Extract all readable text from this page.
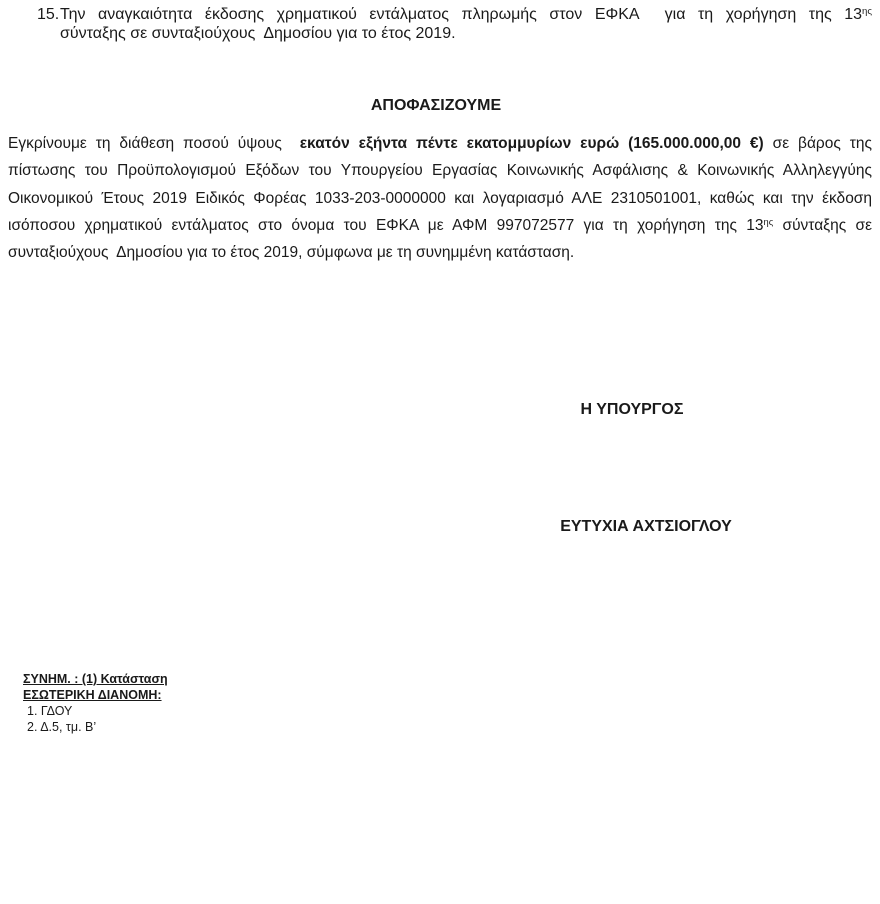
15. Την αναγκαιότητα έκδοσης χρηματικού εντάλματος πληρωμής στον ΕΦΚΑ  για τη χορήγηση της $13^{\eta\varsigma}$
σύνταξης σε συνταξιούχους  Δημοσίου για το έτος 2019.
ΑΠΟΦΑΣΙΖΟΥΜΕ
Εγκρίνουμε τη διάθεση ποσού ύψους  εκατόν εξήντα πέντε εκατομμυρίων ευρώ (165.000.000,00 €) σε βάρος της
πίστωσης του Προϋπολογισμού Εξόδων του Υπουργείου Εργασίας Κοινωνικής Ασφάλισης & Κοινωνικής Αλληλεγγύης
Οικονομικού Έτους 2019 Ειδικός Φορέας 1033-203-0000000 και λογαριασμό ΑΛΕ 2310501001, καθώς και την έκδοση
ισόποσου χρηματικού εντάλματος στο όνομα του ΕΦΚΑ με ΑΦΜ 997072577 για τη χορήγηση της $13^{\eta\varsigma}$ σύνταξης σε
συνταξιούχους  Δημοσίου για το έτος 2019, σύμφωνα με τη συνημμένη κατάσταση.
Η ΥΠΟΥΡΓΟΣ
ΕΥΤΥΧΙΑ ΑΧΤΣΙΟΓΛΟΥ
ΣΥΝΗΜ. : (1) Κατάσταση
ΕΣΩΤΕΡΙΚΗ ΔΙΑΝΟΜΗ:
1. ΓΔΟΥ
2. Δ.5, τμ. Β’
